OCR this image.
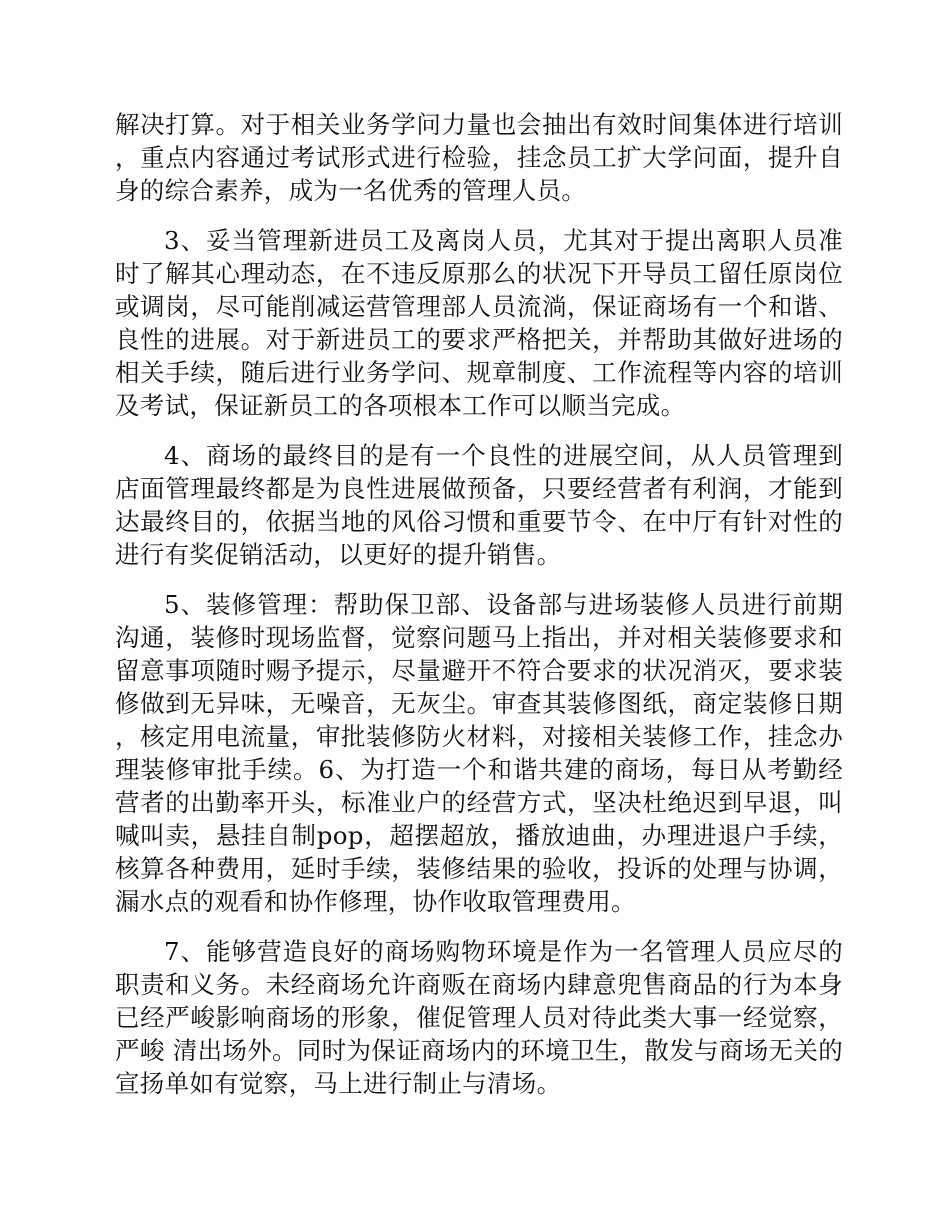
解决打算。对于相关业务学问力量也会抽出有效时间集体进行培训，重点内容通过考试形式进行检验，挂念员工扩大学问面，提升自身的综合素养，成为一名优秀的管理人员。

3、妥当管理新进员工及离岗人员，尤其对于提出离职人员准时了解其心理动态，在不违反原那么的状况下开导员工留任原岗位或调岗，尽可能削减运营管理部人员流淌，保证商场有一个和谐、良性的进展。对于新进员工的要求严格把关，并帮助其做好进场的相关手续，随后进行业务学问、规章制度、工作流程等内容的培训及考试，保证新员工的各项根本工作可以顺当完成。

4、商场的最终目的是有一个良性的进展空间，从人员管理到店面管理最终都是为良性进展做预备，只要经营者有利润，才能到达最终目的，依据当地的风俗习惯和重要节令、在中厅有针对性的进行有奖促销活动，以更好的提升销售。

5、装修管理：帮助保卫部、设备部与进场装修人员进行前期沟通，装修时现场监督，觉察问题马上指出，并对相关装修要求和留意事项随时赐予提示，尽量避开不符合要求的状况消灭，要求装修做到无异味，无噪音，无灰尘。审查其装修图纸，商定装修日期，核定用电流量，审批装修防火材料，对接相关装修工作，挂念办理装修审批手续。6、为打造一个和谐共建的商场，每日从考勤经营者的出勤率开头，标准业户的经营方式，坚决杜绝迟到早退，叫喊叫卖，悬挂自制pop，超摆超放，播放迪曲，办理进退户手续，核算各种费用，延时手续，装修结果的验收，投诉的处理与协调，漏水点的观看和协作修理，协作收取管理费用。

7、能够营造良好的商场购物环境是作为一名管理人员应尽的职责和义务。未经商场允许商贩在商场内肆意兜售商品的行为本身已经严峻影响商场的形象，催促管理人员对待此类大事一经觉察，严峻 清出场外。同时为保证商场内的环境卫生，散发与商场无关的宣扬单如有觉察，马上进行制止与清场。
